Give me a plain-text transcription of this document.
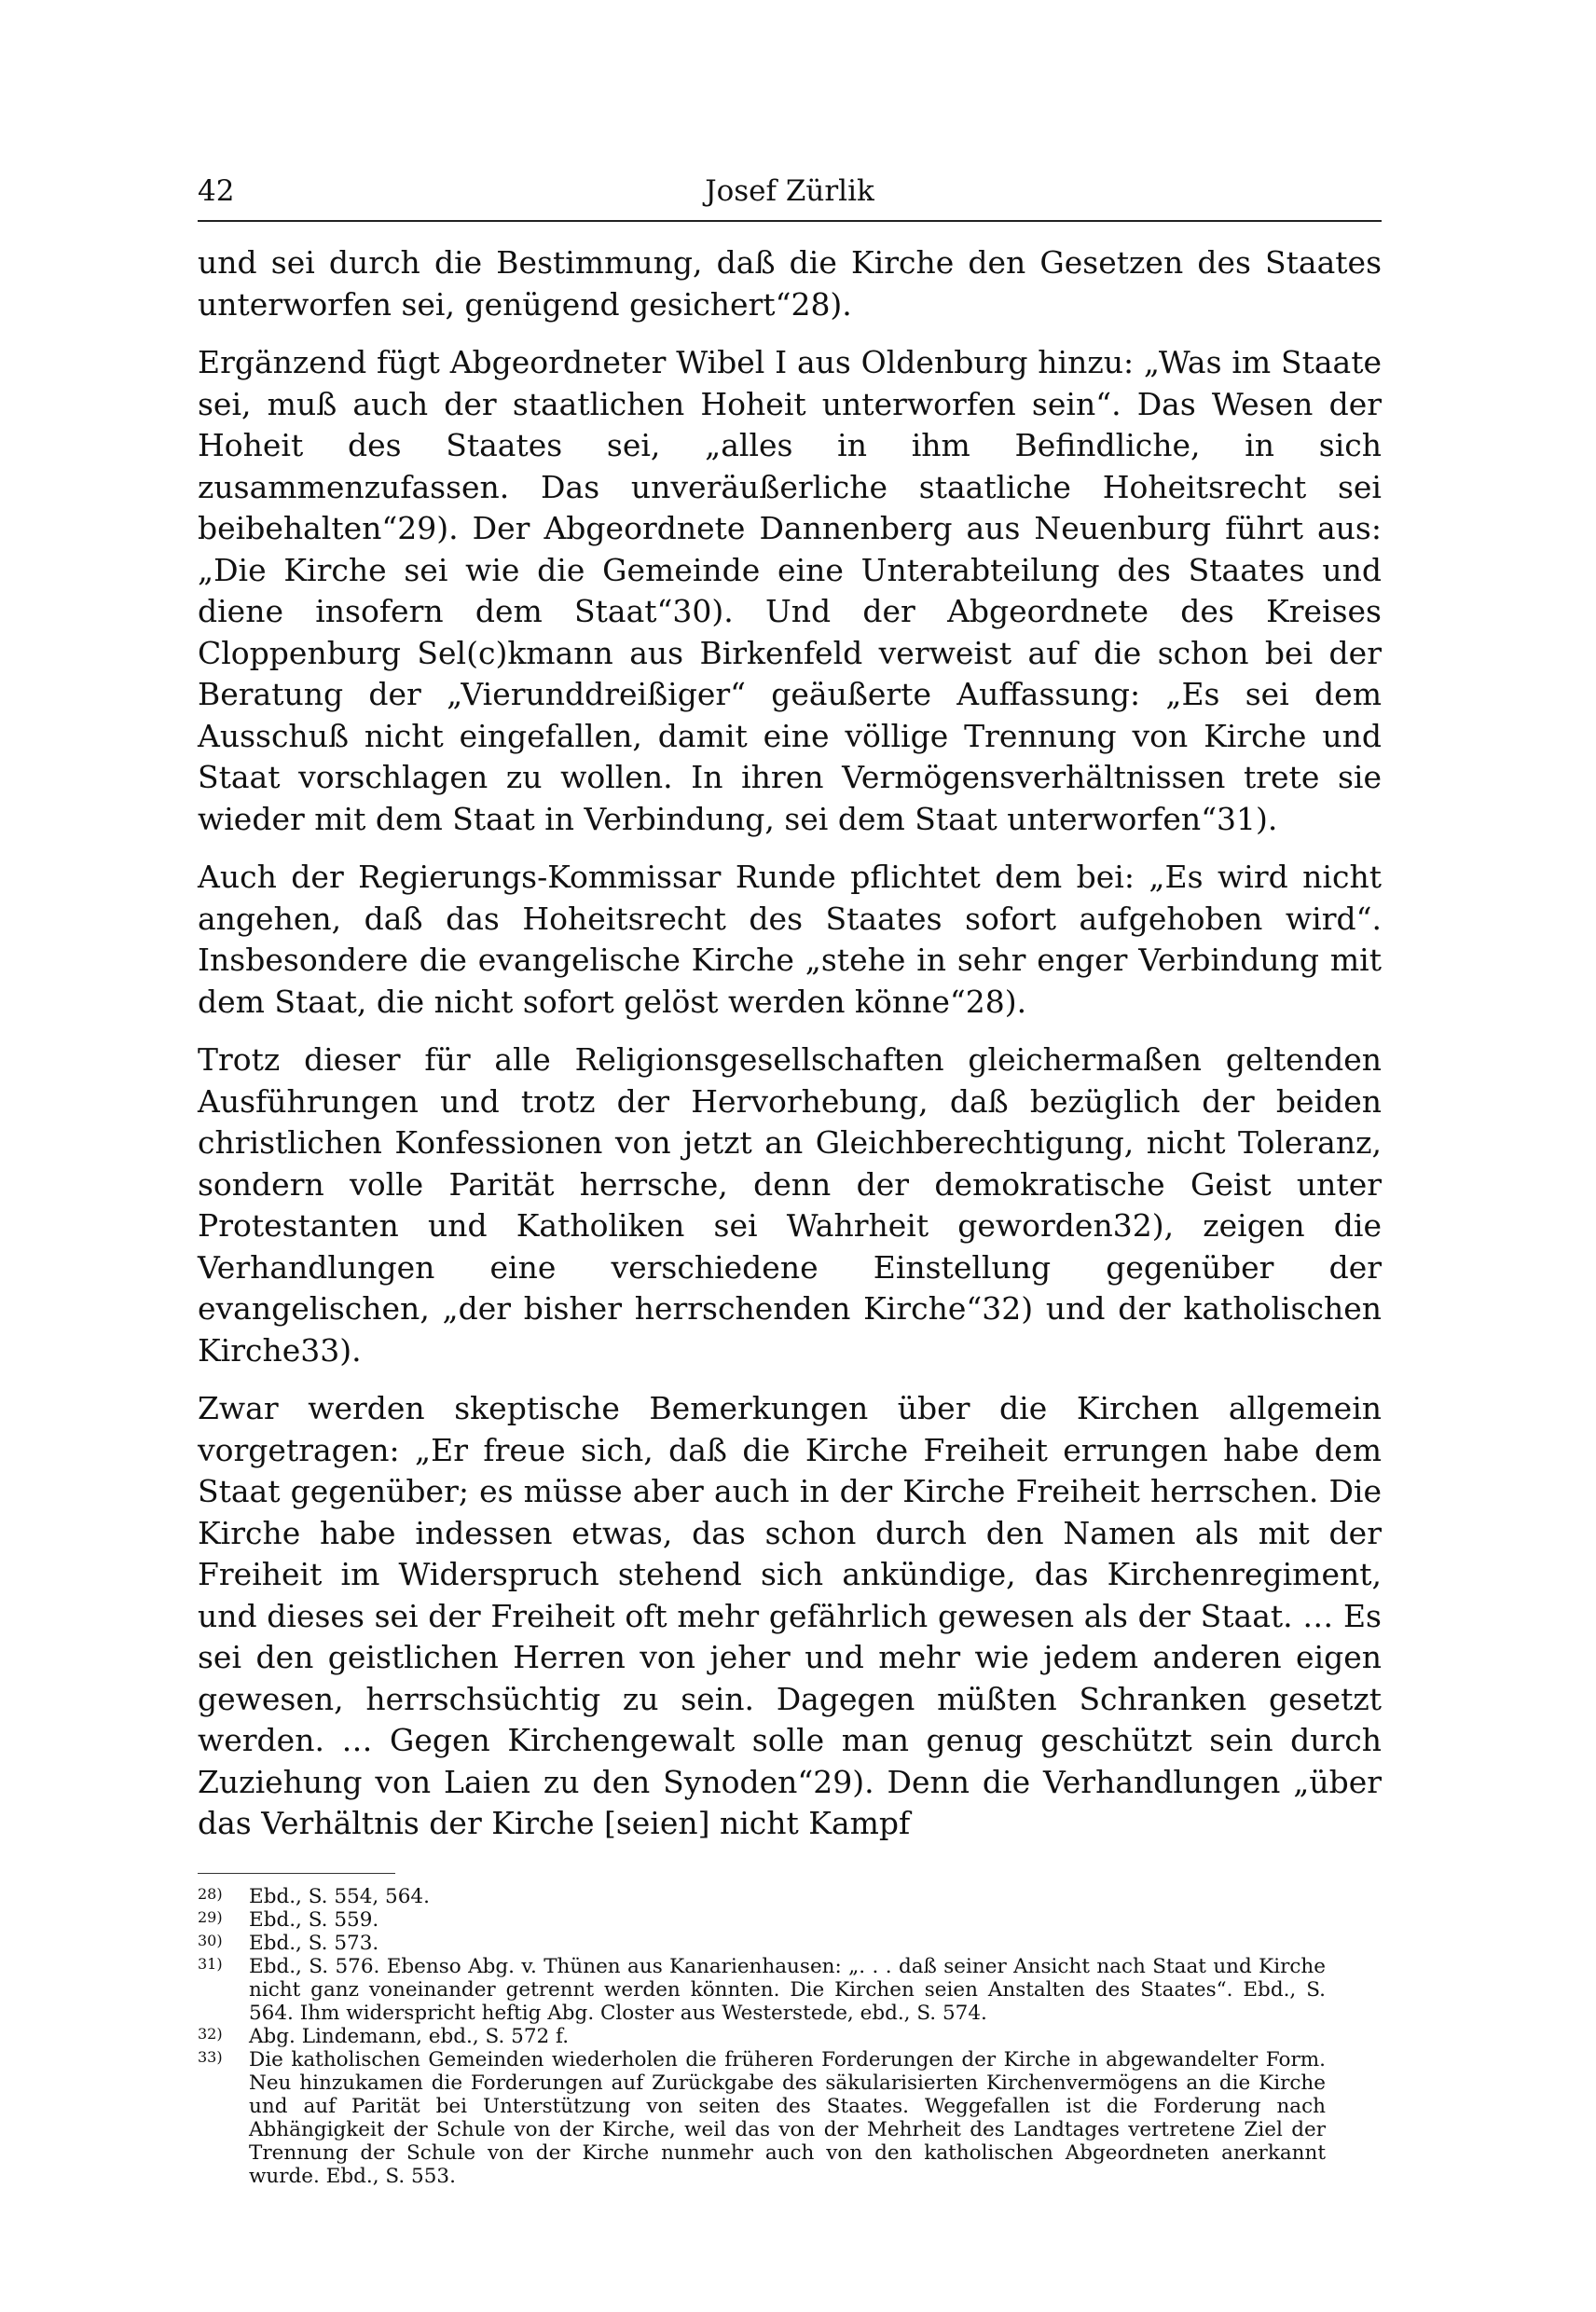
42	Josef Zürlik

und sei durch die Bestimmung, daß die Kirche den Gesetzen des Staates unterworfen sei, genügend gesichert“28).

Ergänzend fügt Abgeordneter Wibel I aus Oldenburg hinzu: „Was im Staate sei, muß auch der staatlichen Hoheit unterworfen sein“. Das Wesen der Hoheit des Staates sei, „alles in ihm Befindliche, in sich zusammenzufassen. Das unveräußerliche staatliche Hoheitsrecht sei beibehalten“29). Der Abgeordnete Dannenberg aus Neuenburg führt aus: „Die Kirche sei wie die Gemeinde eine Unterabteilung des Staates und diene insofern dem Staat“30). Und der Abgeordnete des Kreises Cloppenburg Sel(c)kmann aus Birkenfeld verweist auf die schon bei der Beratung der „Vierunddreißiger“ geäußerte Auffassung: „Es sei dem Ausschuß nicht eingefallen, damit eine völlige Trennung von Kirche und Staat vorschlagen zu wollen. In ihren Vermögensverhältnissen trete sie wieder mit dem Staat in Verbindung, sei dem Staat unterworfen“31).

Auch der Regierungs-Kommissar Runde pflichtet dem bei: „Es wird nicht angehen, daß das Hoheitsrecht des Staates sofort aufgehoben wird“. Insbesondere die evangelische Kirche „stehe in sehr enger Verbindung mit dem Staat, die nicht sofort gelöst werden könne“28).

Trotz dieser für alle Religionsgesellschaften gleichermaßen geltenden Ausführungen und trotz der Hervorhebung, daß bezüglich der beiden christlichen Konfessionen von jetzt an Gleichberechtigung, nicht Toleranz, sondern volle Parität herrsche, denn der demokratische Geist unter Protestanten und Katholiken sei Wahrheit geworden32), zeigen die Verhandlungen eine verschiedene Einstellung gegenüber der evangelischen, „der bisher herrschenden Kirche“32) und der katholischen Kirche33).

Zwar werden skeptische Bemerkungen über die Kirchen allgemein vorgetragen: „Er freue sich, daß die Kirche Freiheit errungen habe dem Staat gegenüber; es müsse aber auch in der Kirche Freiheit herrschen. Die Kirche habe indessen etwas, das schon durch den Namen als mit der Freiheit im Widerspruch stehend sich ankündige, das Kirchenregiment, und dieses sei der Freiheit oft mehr gefährlich gewesen als der Staat. … Es sei den geistlichen Herren von jeher und mehr wie jedem anderen eigen gewesen, herrschsüchtig zu sein. Dagegen müßten Schranken gesetzt werden. … Gegen Kirchengewalt solle man genug geschützt sein durch Zuziehung von Laien zu den Synoden“29). Denn die Verhandlungen „über das Verhältnis der Kirche [seien] nicht Kampf

28)	Ebd., S. 554, 564.
29)	Ebd., S. 559.
30)	Ebd., S. 573.
31)	Ebd., S. 576. Ebenso Abg. v. Thünen aus Kanarienhausen: „. . . daß seiner Ansicht nach Staat und Kirche nicht ganz voneinander getrennt werden könnten. Die Kirchen seien Anstalten des Staates“. Ebd., S. 564. Ihm widerspricht heftig Abg. Closter aus Westerstede, ebd., S. 574.
32)	Abg. Lindemann, ebd., S. 572 f.
33)	Die katholischen Gemeinden wiederholen die früheren Forderungen der Kirche in abgewandelter Form. Neu hinzukamen die Forderungen auf Zurückgabe des säkularisierten Kirchenvermögens an die Kirche und auf Parität bei Unterstützung von seiten des Staates. Weggefallen ist die Forderung nach Abhängigkeit der Schule von der Kirche, weil das von der Mehrheit des Landtages vertretene Ziel der Trennung der Schule von der Kirche nunmehr auch von den katholischen Abgeordneten anerkannt wurde. Ebd., S. 553.
